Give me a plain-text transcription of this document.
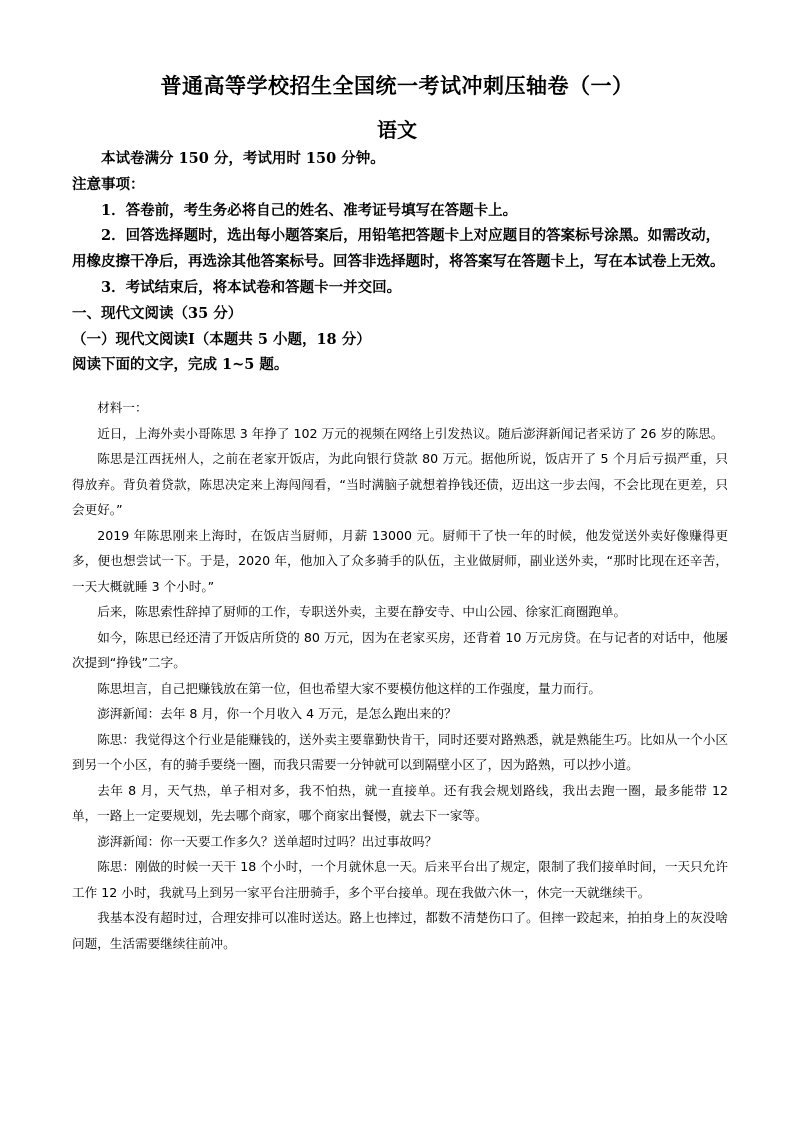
普通高等学校招生全国统一考试冲刺压轴卷（一）
语文

本试卷满分 150 分，考试用时 150 分钟。

注意事项：

1．答卷前，考生务必将自己的姓名、准考证号填写在答题卡上。

2．回答选择题时，选出每小题答案后，用铅笔把答题卡上对应题目的答案标号涂黑。如需改动，用橡皮擦干净后，再选涂其他答案标号。回答非选择题时，将答案写在答题卡上，写在本试卷上无效。

3．考试结束后，将本试卷和答题卡一并交回。

一、现代文阅读（35 分）

（一）现代文阅读Ⅰ（本题共 5 小题，18 分）

阅读下面的文字，完成 1~5 题。

材料一：

近日，上海外卖小哥陈思 3 年挣了 102 万元的视频在网络上引发热议。随后澎湃新闻记者采访了 26 岁的陈思。

陈思是江西抚州人，之前在老家开饭店，为此向银行贷款 80 万元。据他所说，饭店开了 5 个月后亏损严重，只得放弃。背负着贷款，陈思决定来上海闯闯看，“当时满脑子就想着挣钱还债，迈出这一步去闯，不会比现在更差，只会更好。”

2019 年陈思刚来上海时，在饭店当厨师，月薪 13000 元。厨师干了快一年的时候，他发觉送外卖好像赚得更多，便也想尝试一下。于是，2020 年，他加入了众多骑手的队伍，主业做厨师，副业送外卖，“那时比现在还辛苦，一天大概就睡 3 个小时。”

后来，陈思索性辞掉了厨师的工作，专职送外卖，主要在静安寺、中山公园、徐家汇商圈跑单。

如今，陈思已经还清了开饭店所贷的 80 万元，因为在老家买房，还背着 10 万元房贷。在与记者的对话中，他屡次提到“挣钱”二字。

陈思坦言，自己把赚钱放在第一位，但也希望大家不要模仿他这样的工作强度，量力而行。

澎湃新闻：去年 8 月，你一个月收入 4 万元，是怎么跑出来的？

陈思：我觉得这个行业是能赚钱的，送外卖主要靠勤快肯干，同时还要对路熟悉，就是熟能生巧。比如从一个小区到另一个小区，有的骑手要绕一圈，而我只需要一分钟就可以到隔壁小区了，因为路熟，可以抄小道。

去年 8 月，天气热，单子相对多，我不怕热，就一直接单。还有我会规划路线，我出去跑一圈，最多能带 12 单，一路上一定要规划，先去哪个商家，哪个商家出餐慢，就去下一家等。

澎湃新闻：你一天要工作多久？送单超时过吗？出过事故吗？

陈思：刚做的时候一天干 18 个小时，一个月就休息一天。后来平台出了规定，限制了我们接单时间，一天只允许工作 12 小时，我就马上到另一家平台注册骑手，多个平台接单。现在我做六休一，休完一天就继续干。

我基本没有超时过，合理安排可以准时送达。路上也摔过，都数不清楚伤口了。但摔一跤起来，拍拍身上的灰没啥问题，生活需要继续往前冲。
